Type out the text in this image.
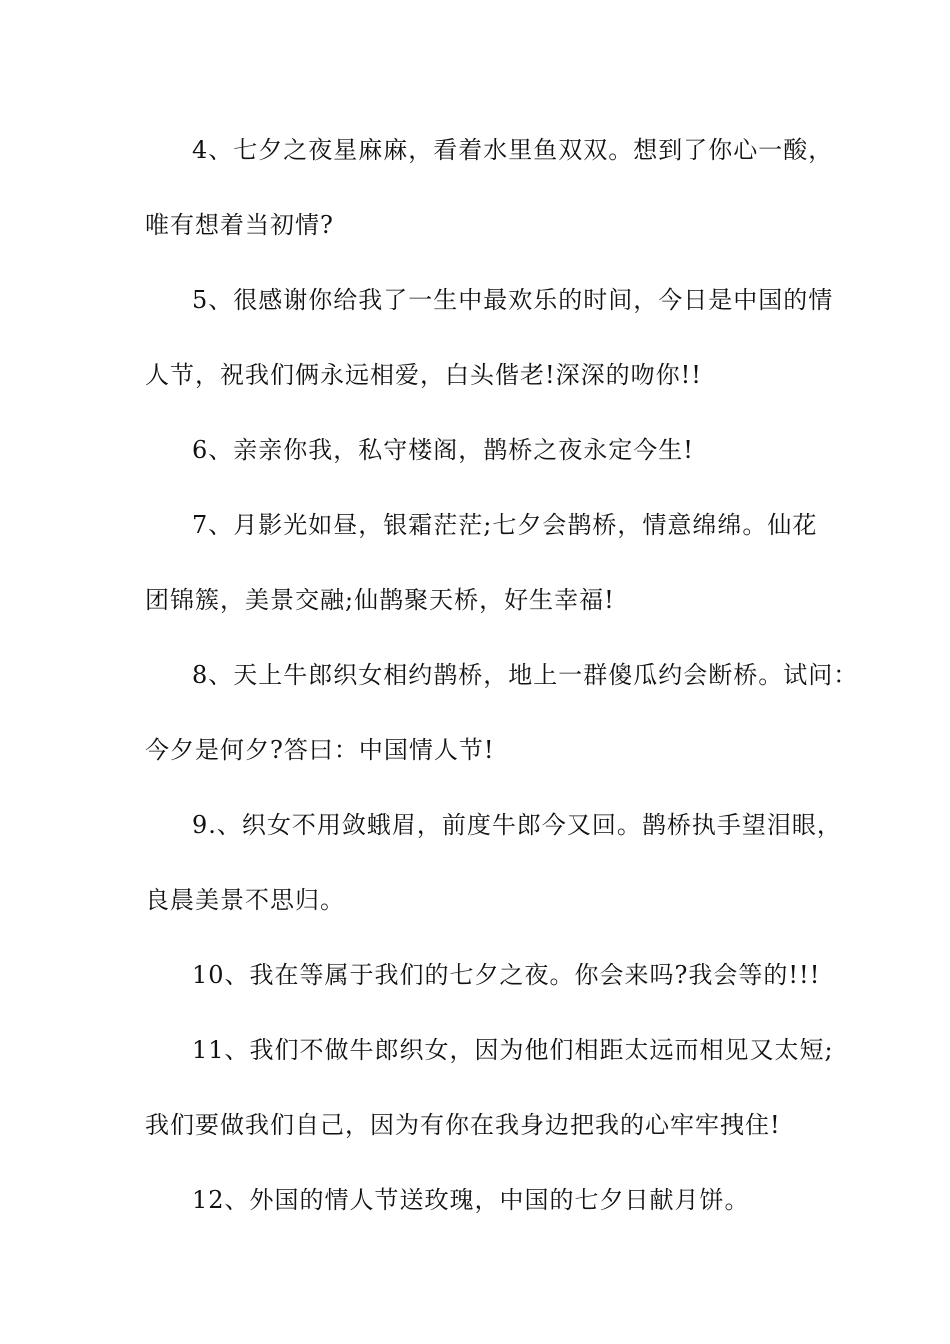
4、七夕之夜星麻麻，看着水里鱼双双。想到了你心一酸，
唯有想着当初情?
5、很感谢你给我了一生中最欢乐的时间，今日是中国的情
人节，祝我们俩永远相爱，白头偕老!深深的吻你!!
6、亲亲你我，私守楼阁，鹊桥之夜永定今生!
7、月影光如昼，银霜茫茫;七夕会鹊桥，情意绵绵。仙花
团锦簇，美景交融;仙鹊聚天桥，好生幸福!
8、天上牛郎织女相约鹊桥，地上一群傻瓜约会断桥。试问：
今夕是何夕?答曰：中国情人节!
9.、织女不用敛蛾眉，前度牛郎今又回。鹊桥执手望泪眼，
良晨美景不思归。
10、我在等属于我们的七夕之夜。你会来吗?我会等的!!!
11、我们不做牛郎织女，因为他们相距太远而相见又太短;
我们要做我们自己，因为有你在我身边把我的心牢牢拽住!
12、外国的情人节送玫瑰，中国的七夕日献月饼。
